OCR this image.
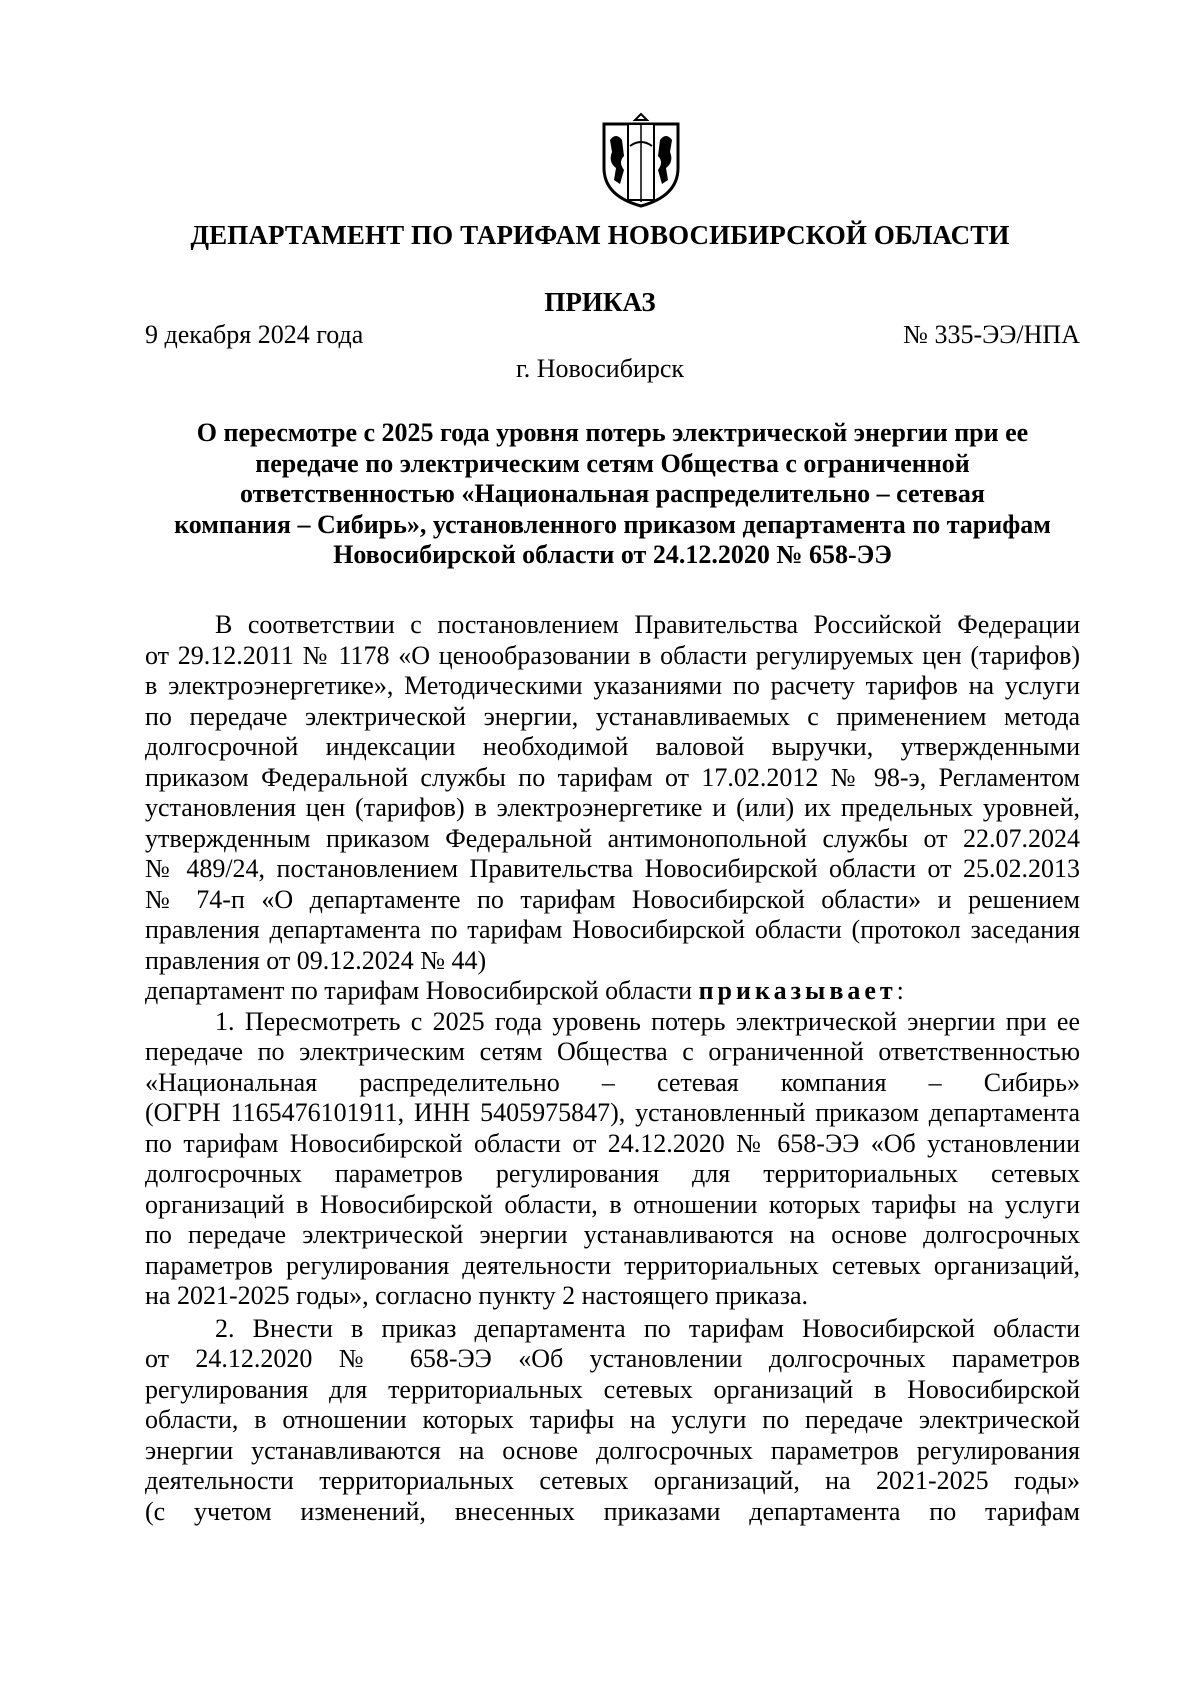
ДЕПАРТАМЕНТ ПО ТАРИФАМ НОВОСИБИРСКОЙ ОБЛАСТИ
ПРИКАЗ
9 декабря 2024 года	№ 335-ЭЭ/НПА
г. Новосибирск
О пересмотре с 2025 года уровня потерь электрической энергии при ее
передаче по электрическим сетям Общества с ограниченной
ответственностью «Национальная распределительно – сетевая
компания – Сибирь», установленного приказом департамента по тарифам
Новосибирской области от 24.12.2020 № 658-ЭЭ
В соответствии с постановлением Правительства Российской Федерации
от 29.12.2011 № 1178 «О ценообразовании в области регулируемых цен (тарифов)
в электроэнергетике», Методическими указаниями по расчету тарифов на услуги
по передаче электрической энергии, устанавливаемых с применением метода
долгосрочной индексации необходимой валовой выручки, утвержденными
приказом Федеральной службы по тарифам от 17.02.2012 № 98-э, Регламентом
установления цен (тарифов) в электроэнергетике и (или) их предельных уровней,
утвержденным приказом Федеральной антимонопольной службы от 22.07.2024
№ 489/24, постановлением Правительства Новосибирской области от 25.02.2013
№ 74-п «О департаменте по тарифам Новосибирской области» и решением
правления департамента по тарифам Новосибирской области (протокол заседания
правления от 09.12.2024 № 44)
департамент по тарифам Новосибирской области приказывает:
1. Пересмотреть с 2025 года уровень потерь электрической энергии при ее
передаче по электрическим сетям Общества с ограниченной ответственностью
«Национальная распределительно – сетевая компания – Сибирь»
(ОГРН 1165476101911, ИНН 5405975847), установленный приказом департамента
по тарифам Новосибирской области от 24.12.2020 № 658-ЭЭ «Об установлении
долгосрочных параметров регулирования для территориальных сетевых
организаций в Новосибирской области, в отношении которых тарифы на услуги
по передаче электрической энергии устанавливаются на основе долгосрочных
параметров регулирования деятельности территориальных сетевых организаций,
на 2021-2025 годы», согласно пункту 2 настоящего приказа.
2. Внести в приказ департамента по тарифам Новосибирской области
от 24.12.2020 № 658-ЭЭ «Об установлении долгосрочных параметров
регулирования для территориальных сетевых организаций в Новосибирской
области, в отношении которых тарифы на услуги по передаче электрической
энергии устанавливаются на основе долгосрочных параметров регулирования
деятельности территориальных сетевых организаций, на 2021-2025 годы»
(с учетом изменений, внесенных приказами департамента по тарифам
